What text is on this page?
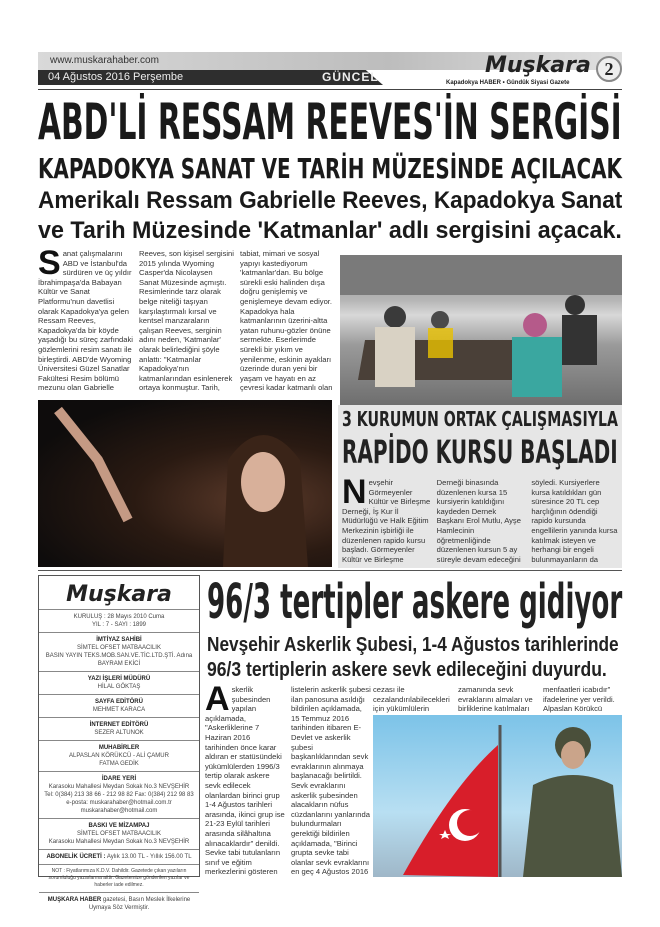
www.muskarahaber.com
04 Ağustos 2016 Perşembe	GÜNCEL	Muşkara
Kapadokya HABER • Gündük Siyasi Gazete
2
ABD'Lİ RESSAM REEVES'İN SERGİSİ
KAPADOKYA SANAT VE TARİH MÜZESİNDE AÇILACAK
Amerikalı Ressam Gabrielle Reeves, Kapadokya Sanat
ve Tarih Müzesinde 'Katmanlar' adlı sergisini açacak.
Sanat çalışmalarını ABD ve İstanbul'da sürdüren ve üç yıldır İbrahimpaşa'da Babayan Kültür ve Sanat Platformu'nun davetlisi olarak Kapadokya'ya gelen Ressam Reeves, Kapadokya'da bir köyde yaşadığı bu süreç zarfındaki gözlemlerini resim sanatı ile birleştirdi. ABD'de Wyoming Üniversitesi Güzel Sanatlar Fakültesi Resim bölümü mezunu olan Gabrielle Reeves, son kişisel sergisini 2015 yılında Wyoming Casper'da Nicolaysen Sanat Müzesinde açmıştı. Resimlerinde tarz olarak belge niteliği taşıyan karşılaştırmalı kırsal ve kentsel manzaraların çalışan Reeves, serginin adını neden, 'Katmanlar' olarak belirlediğini şöyle anlattı: "Katmanlar Kapadokya'nın katmanlarından esinlenerek ortaya konmuştur. Tarih, tabiat, mimari ve sosyal yapıyı kastediyorum 'katmanlar'dan. Bu bölge sürekli eski halinden dışa doğru genişlemiş ve genişlemeye devam ediyor. Kapadokya hala katmanlarının üzerini-altta yatan ruhunu-gözler önüne sermekte. Eserlerimde sürekli bir yıkım ve yenilenme, eskinin ayakları üzerinde duran yeni bir yaşam ve hayatı en az çevresi kadar katmanlı olan
3 KURUMUN ORTAK ÇALIŞMASIYLA
RAPİDO KURSU BAŞLADI
Nevşehir Görmeyenler Kültür ve Birleşme Derneği, İş Kur İl Müdürlüğü ve Halk Eğitim Merkezinin işbirliği ile düzenlenen rapido kursu başladı. Görmeyenler Kültür ve Birleşme Derneği binasında düzenlenen kursa 15 kursiyerin katıldığını kaydeden Dernek Başkanı Erol Mutlu, Ayşe Hamlecinin öğretmenliğinde düzenlenen kursun 5 ay süreyle devam edeceğini söyledi. Kursiyerlere kursa katıldıkları gün süresince 20 TL cep harçlığının ödendiği rapido kursunda engellilerin yanında kursa katılmak isteyen ve herhangi bir engeli bulunmayanların da
Muşkara
KURULUŞ : 28 Mayıs 2010 Cuma
YIL : 7 - SAYI : 1899
İMTİYAZ SAHİBİ
SİMTEL OFSET MATBAACILIK
BASIN YAYIN TEKS.MOB.SAN.VE.TİC.LTD.ŞTİ. Adına
BAYRAM EKİCİ
YAZI İŞLERİ MÜDÜRÜ
HİLAL GÖKTAŞ
SAYFA EDİTÖRÜ
MEHMET KARACA
İNTERNET EDİTÖRÜ
SEZER ALTUNOK
MUHABİRLER
ALPASLAN KÖRÜKCÜ - ALİ ÇAMUR
FATMA GEDİK
İDARE YERİ
Karasoku Mahallesi Meydan Sokak No.3 NEVŞEHİR
Tel: 0(384) 213 38 66 - 212 98 82 Fax: 0(384) 212 98 83
e-posta: muskarahaber@hotmail.com.tr
muskarahaber@hotmail.com
BASKI VE MİZAMPAJ
SİMTEL OFSET MATBAACILIK
Karasoku Mahallesi Meydan Sokak No.3 NEVŞEHİR
ABONELİK ÜCRETİ : Aylık 13.00 TL - Yıllık 156.00 TL
NOT : Fiyatlarımıza K.D.V. Dahildir. Gazetede çıkan yazıların sorumluluğu yazarlarına aittir. Gazetemize gönderilen yazılar ve haberler iade edilmez.
MUŞKARA HABER gazetesi, Basın Meslek İlkelerine Uymaya Söz Vermiştir.
96/3 tertipler askere gidiyor
Nevşehir Askerlik Şubesi, 1-4 Ağustos tarihlerinde
96/3 tertiplerin askere sevk edileceğini duyurdu.
Askerlik şubesinden yapılan açıklamada, "Askerliklerine 7 Haziran 2016 tarihinden önce karar aldıran er statüsündeki yükümlülerden 1996/3 tertip olarak askere sevk edilecek olanlardan birinci grup 1-4 Ağustos tarihleri arasında, ikinci grup ise 21-23 Eylül tarihleri arasında silâhaltına alınacaklardır" denildi. Sevke tabi tutulanların sınıf ve eğitim merkezlerini gösteren listelerin askerlik şubesi ilan panosuna asıldığı bildirilen açıklamada, 15 Temmuz 2016 tarihinden itibaren E-Devlet ve askerlik şubesi başkanlıklarından sevk evraklarının alınmaya başlanacağı belirtildi. Sevk evraklarını askerlik şubesinden alacakların nüfus cüzdanlarını yanlarında bulundurmaları gerektiği bildirilen açıklamada, "Birinci grupta sevke tabi olanlar sevk evraklarını en geç 4 Ağustos 2016
cezası ile cezalandırılabilecekleri için yükümlülerin zamanında sevk evraklarını almaları ve birliklerine katılmaları menfaatleri icabıdır" ifadelerine yer verildi. Alpaslan Körükcü
